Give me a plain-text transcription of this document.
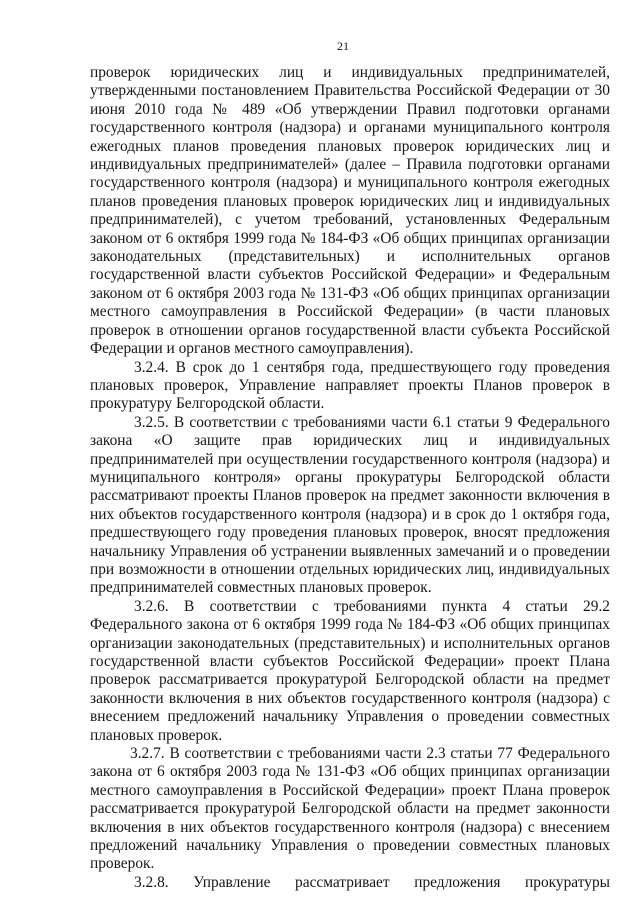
21

проверок юридических лиц и индивидуальных предпринимателей, утвержденными постановлением Правительства Российской Федерации от 30 июня 2010 года № 489 «Об утверждении Правил подготовки органами государственного контроля (надзора) и органами муниципального контроля ежегодных планов проведения плановых проверок юридических лиц и индивидуальных предпринимателей» (далее – Правила подготовки органами государственного контроля (надзора) и муниципального контроля ежегодных планов проведения плановых проверок юридических лиц и индивидуальных предпринимателей), с учетом требований, установленных Федеральным законом от 6 октября 1999 года № 184-ФЗ «Об общих принципах организации законодательных (представительных) и исполнительных органов государственной власти субъектов Российской Федерации» и Федеральным законом от 6 октября 2003 года № 131-ФЗ «Об общих принципах организации местного самоуправления в Российской Федерации» (в части плановых проверок в отношении органов государственной власти субъекта Российской Федерации и органов местного самоуправления).

3.2.4. В срок до 1 сентября года, предшествующего году проведения плановых проверок, Управление направляет проекты Планов проверок в прокуратуру Белгородской области.

3.2.5. В соответствии с требованиями части 6.1 статьи 9 Федерального закона «О защите прав юридических лиц и индивидуальных предпринимателей при осуществлении государственного контроля (надзора) и муниципального контроля» органы прокуратуры Белгородской области рассматривают проекты Планов проверок на предмет законности включения в них объектов государственного контроля (надзора) и в срок до 1 октября года, предшествующего году проведения плановых проверок, вносят предложения начальнику Управления об устранении выявленных замечаний и о проведении при возможности в отношении отдельных юридических лиц, индивидуальных предпринимателей совместных плановых проверок.

3.2.6. В соответствии с требованиями пункта 4 статьи 29.2 Федерального закона от 6 октября 1999 года № 184-ФЗ «Об общих принципах организации законодательных (представительных) и исполнительных органов государственной власти субъектов Российской Федерации» проект Плана проверок рассматривается прокуратурой Белгородской области на предмет законности включения в них объектов государственного контроля (надзора) с внесением предложений начальнику Управления о проведении совместных плановых проверок.

3.2.7. В соответствии с требованиями части 2.3 статьи 77 Федерального закона от 6 октября 2003 года № 131-ФЗ «Об общих принципах организации местного самоуправления в Российской Федерации» проект Плана проверок рассматривается прокуратурой Белгородской области на предмет законности включения в них объектов государственного контроля (надзора) с внесением предложений начальнику Управления о проведении совместных плановых проверок.

3.2.8. Управление рассматривает предложения прокуратуры
